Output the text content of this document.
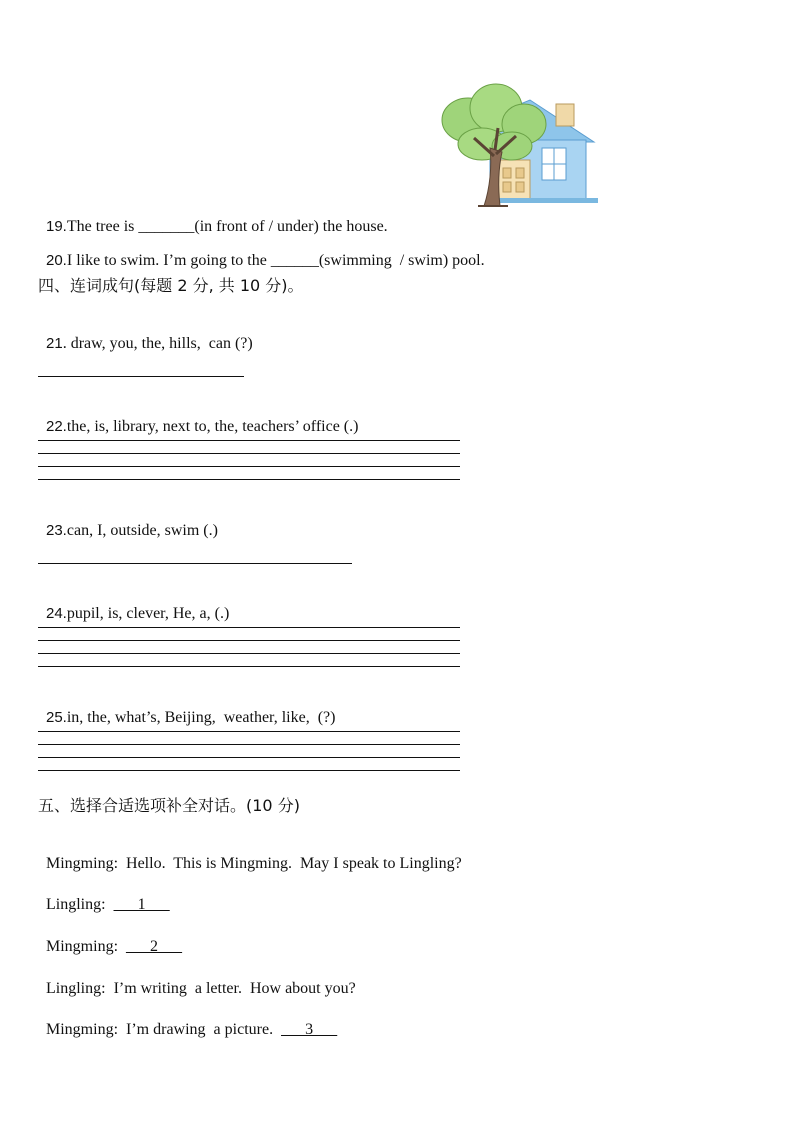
19.The tree is _______(in front of / under) the house.

20.I like to swim. I’m going to the ______(swimming  / swim) pool.

四、连词成句(每题 2 分, 共 10 分)。

21. draw, you, the, hills,  can (?)

22.the, is, library, next to, the, teachers’ office (.)

23.can, I, outside, swim (.)

24.pupil, is, clever, He, a, (.)

25.in, the, what’s, Beijing,  weather, like,  (?)

五、选择合适选项补全对话。(10 分)

Mingming:  Hello.  This is Mingming.  May I speak to Lingling?

Lingling: ___1___

Mingming: ___2___

Lingling:  I’m writing  a letter.  How about you?

Mingming:  I’m drawing  a picture.  ___3___
